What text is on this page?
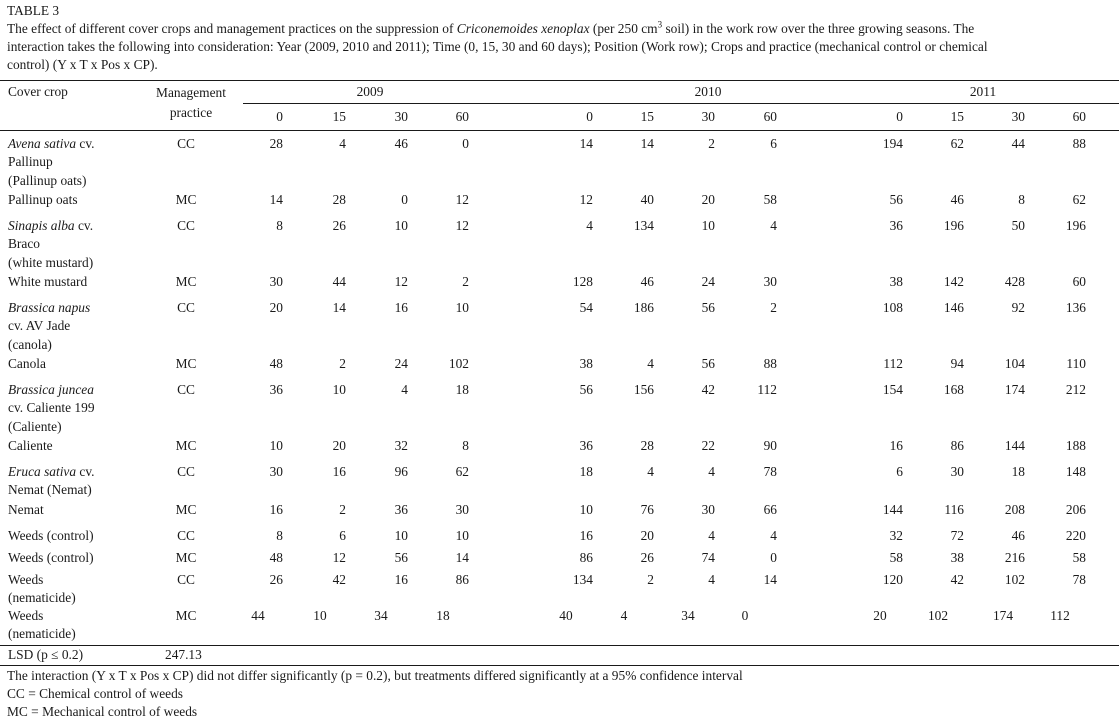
TABLE 3

The effect of different cover crops and management practices on the suppression of Criconemoides xenoplax (per 250 $cm^3$ soil) in the work row over the three growing seasons. The

interaction takes the following into consideration: Year (2009, 2010 and 2011); Time (0, 15, 30 and 60 days); Position (Work row); Crops and practice (mechanical control or chemical

control) (Y x T x Pos x CP).

Cover crop	Management
practice
2009	2010	2011
0	15	30	60	0	15	30	60	0	15	30	60
Avena sativa cv.
Pallinup
(Pallinup oats)
CC	28	4	46	0	14	14	2	6	194	62	44	88
Pallinup oats	MC	14	28	0	12	12	40	20	58	56	46	8	62
Sinapis alba cv.
Braco
(white mustard)
CC	8	26	10	12	4	134	10	4	36	196	50	196
White mustard	MC	30	44	12	2	128	46	24	30	38	142	428	60
Brassica napus
cv. AV Jade
(canola)
CC	20	14	16	10	54	186	56	2	108	146	92	136
Canola	MC	48	2	24	102	38	4	56	88	112	94	104	110
Brassica juncea
cv. Caliente 199
(Caliente)
CC	36	10	4	18	56	156	42	112	154	168	174	212
Caliente	MC	10	20	32	8	36	28	22	90	16	86	144	188
Eruca sativa cv.
Nemat (Nemat)
CC	30	16	96	62	18	4	4	78	6	30	18	148
Nemat	MC	16	2	36	30	10	76	30	66	144	116	208	206
Weeds (control)	CC	8	6	10	10	16	20	4	4	32	72	46	220
Weeds (control)	MC	48	12	56	14	86	26	74	0	58	38	216	58
Weeds
(nematicide)
CC	26	42	16	86	134	2	4	14	120	42	102	78
Weeds
(nematicide)
MC	44	10	34	18	40	4	34	0	20	102	174	112
LSD (p ≤ 0.2)	247.13
The interaction (Y x T x Pos x CP) did not differ significantly (p = 0.2), but treatments differed significantly at a 95% confidence interval
CC = Chemical control of weeds
MC = Mechanical control of weeds
